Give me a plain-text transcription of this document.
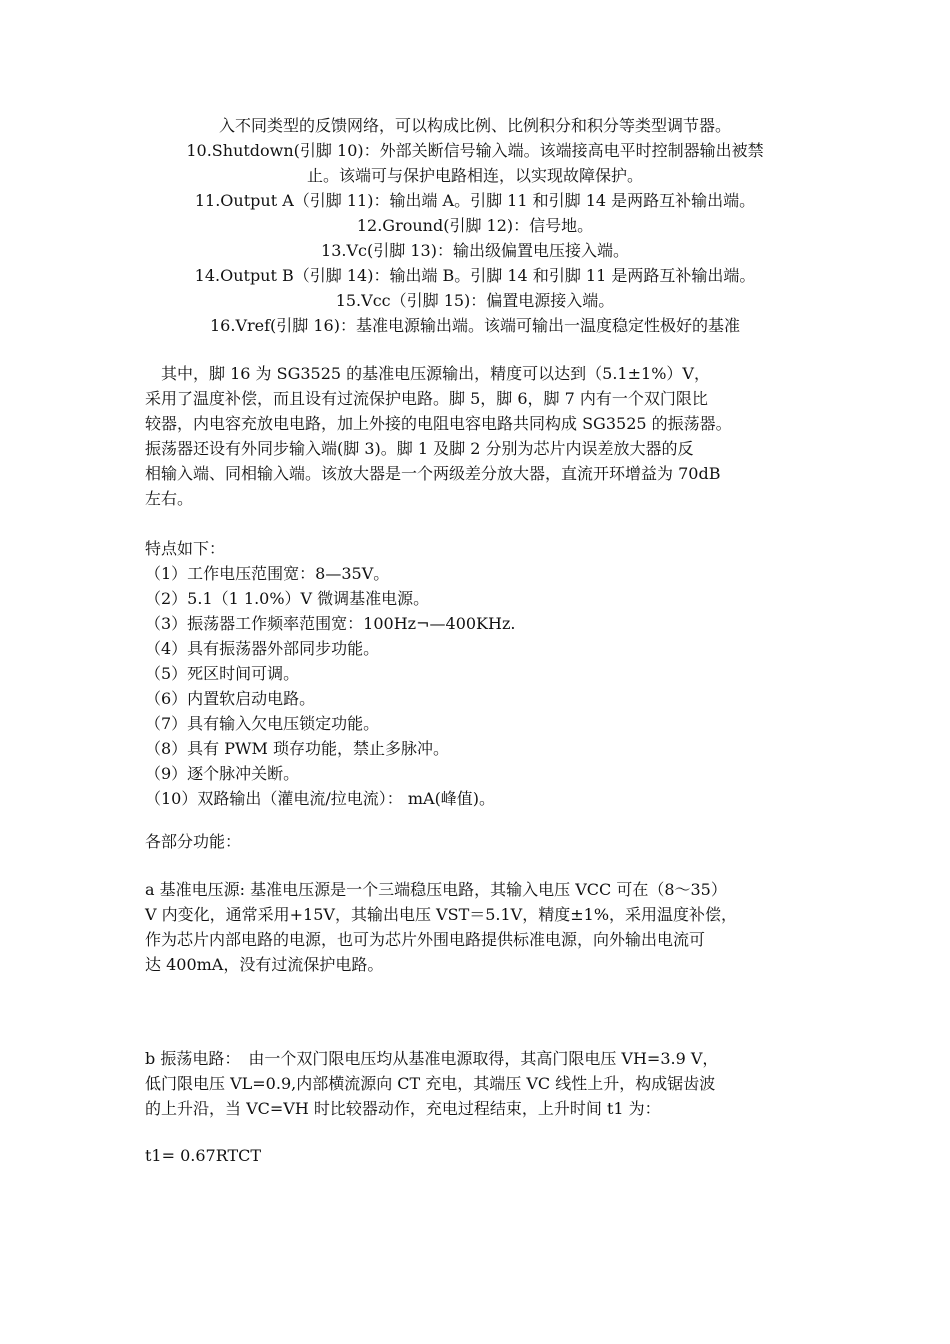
入不同类型的反馈网络，可以构成比例、比例积分和积分等类型调节器。
10.Shutdown(引脚 10)：外部关断信号输入端。该端接高电平时控制器输出被禁
止。该端可与保护电路相连，以实现故障保护。
11.Output A（引脚 11)：输出端 A。引脚 11 和引脚 14 是两路互补输出端。
12.Ground(引脚 12)：信号地。
13.Vc(引脚 13)：输出级偏置电压接入端。
14.Output B（引脚 14)：输出端 B。引脚 14 和引脚 11 是两路互补输出端。
15.Vcc（引脚 15)：偏置电源接入端。
16.Vref(引脚 16)：基准电源输出端。该端可输出一温度稳定性极好的基准
　其中，脚 16 为 SG3525 的基准电压源输出，精度可以达到（5.1±1%）V，
采用了温度补偿，而且设有过流保护电路。脚 5，脚 6，脚 7 内有一个双门限比
较器，内电容充放电电路，加上外接的电阻电容电路共同构成 SG3525 的振荡器。
振荡器还设有外同步输入端(脚 3)。脚 1 及脚 2 分别为芯片内误差放大器的反
相输入端、同相输入端。该放大器是一个两级差分放大器，直流开环增益为 70dB
左右。
特点如下：
（1）工作电压范围宽：8—35V。
（2）5.1（1 1.0%）V 微调基准电源。
（3）振荡器工作频率范围宽：100Hz¬—400KHz.
（4）具有振荡器外部同步功能。
（5）死区时间可调。
（6）内置软启动电路。
（7）具有输入欠电压锁定功能。
（8）具有 PWM 琐存功能，禁止多脉冲。
（9）逐个脉冲关断。
（10）双路输出（灌电流/拉电流）： mA(峰值)。
各部分功能：
a 基准电压源: 基准电压源是一个三端稳压电路，其输入电压 VCC 可在（8～35）
V 内变化，通常采用+15V，其输出电压 VST＝5.1V，精度±1%，采用温度补偿，
作为芯片内部电路的电源，也可为芯片外围电路提供标准电源，向外输出电流可
达 400mA，没有过流保护电路。
b 振荡电路：　由一个双门限电压均从基准电源取得，其高门限电压 VH=3.9 V，
低门限电压 VL=0.9,内部横流源向 CT 充电，其端压 VC 线性上升，构成锯齿波
的上升沿，当 VC=VH 时比较器动作，充电过程结束，上升时间 t1 为：
t1= 0.67RTCT
